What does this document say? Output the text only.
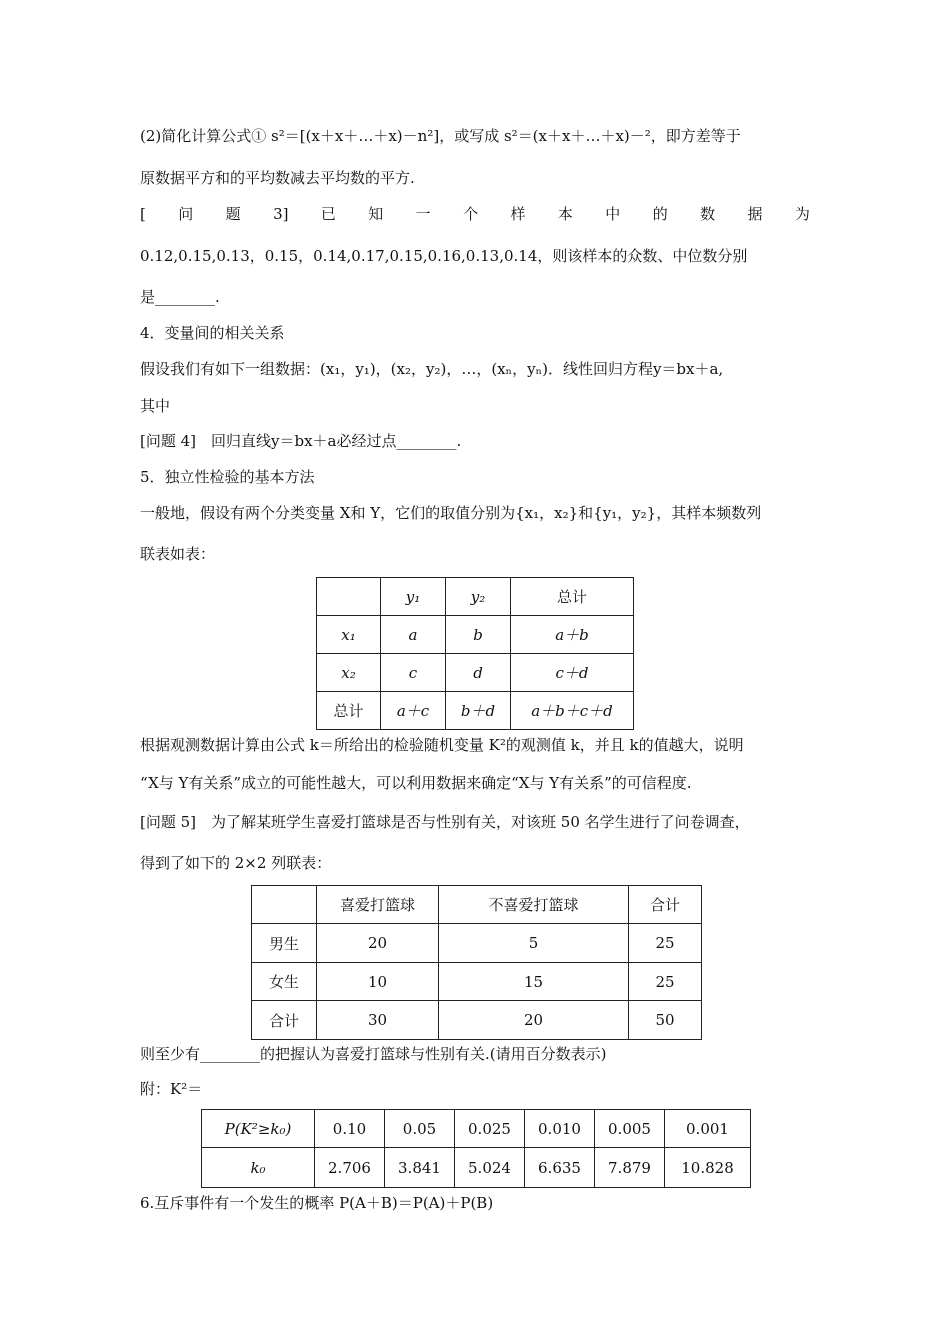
(2)简化计算公式① s²＝[(x＋x＋…＋x)－n²]，或写成 s²＝(x＋x＋…＋x)－²，即方差等于
原数据平方和的平均数减去平均数的平方.
[ 问 题 3] 已 知 一 个 样 本 中 的 数 据 为
0.12,0.15,0.13，0.15，0.14,0.17,0.15,0.16,0.13,0.14，则该样本的众数、中位数分别
是________.
4．变量间的相关关系
假设我们有如下一组数据：(x₁，y₁)，(x₂，y₂)，…，(xₙ，yₙ)．线性回归方程y＝bx＋a,
其中
[问题 4]　回归直线y＝bx＋a必经过点________.
5．独立性检验的基本方法
一般地，假设有两个分类变量 X和 Y，它们的取值分别为{x₁，x₂}和{y₁，y₂}，其样本频数列
联表如表：
	y₁	y₂	总计
x₁	a	b	a＋b
x₂	c	d	c＋d
总计	a＋c	b＋d	a＋b＋c＋d
根据观测数据计算由公式 k＝所给出的检验随机变量 K²的观测值 k，并且 k的值越大，说明
“X与 Y有关系”成立的可能性越大，可以利用数据来确定“X与 Y有关系”的可信程度.
[问题 5]　为了解某班学生喜爱打篮球是否与性别有关，对该班 50 名学生进行了问卷调查，
得到了如下的 2×2 列联表：
	喜爱打篮球	不喜爱打篮球	合计
男生	20	5	25
女生	10	15	25
合计	30	20	50
则至少有________的把握认为喜爱打篮球与性别有关.(请用百分数表示)
附：K²＝
P(K²≥k₀)	0.10	0.05	0.025	0.010	0.005	0.001
k₀	2.706	3.841	5.024	6.635	7.879	10.828
6.互斥事件有一个发生的概率 P(A＋B)＝P(A)＋P(B)
